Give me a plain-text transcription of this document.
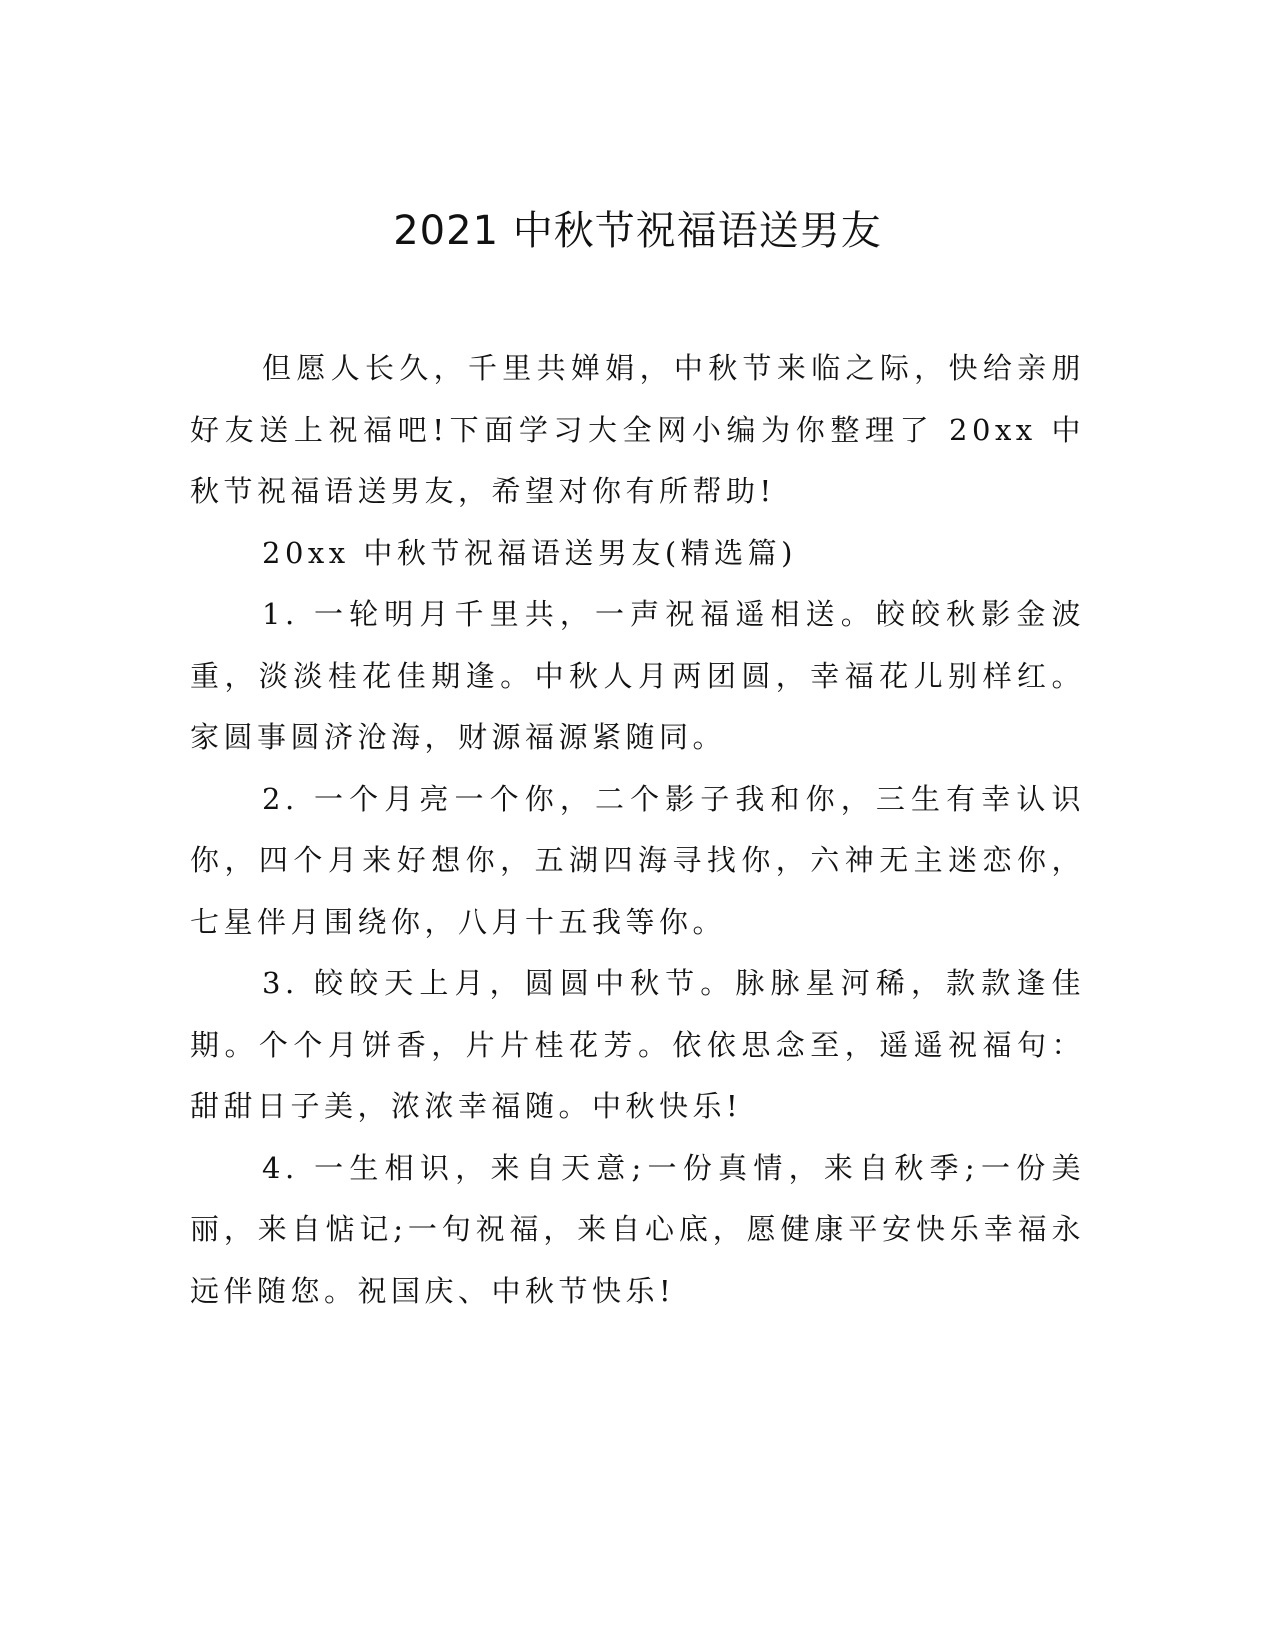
2021 中秋节祝福语送男友

但愿人长久，千里共婵娟，中秋节来临之际，快给亲朋好友送上祝福吧!下面学习大全网小编为你整理了 20xx 中秋节祝福语送男友，希望对你有所帮助!

20xx 中秋节祝福语送男友(精选篇)

1. 一轮明月千里共，一声祝福遥相送。皎皎秋影金波重，淡淡桂花佳期逢。中秋人月两团圆，幸福花儿别样红。家圆事圆济沧海，财源福源紧随同。

2. 一个月亮一个你，二个影子我和你，三生有幸认识你，四个月来好想你，五湖四海寻找你，六神无主迷恋你，七星伴月围绕你，八月十五我等你。

3. 皎皎天上月，圆圆中秋节。脉脉星河稀，款款逢佳期。个个月饼香，片片桂花芳。依依思念至，遥遥祝福句：甜甜日子美，浓浓幸福随。中秋快乐!

4. 一生相识，来自天意;一份真情，来自秋季;一份美丽，来自惦记;一句祝福，来自心底，愿健康平安快乐幸福永远伴随您。祝国庆、中秋节快乐!
